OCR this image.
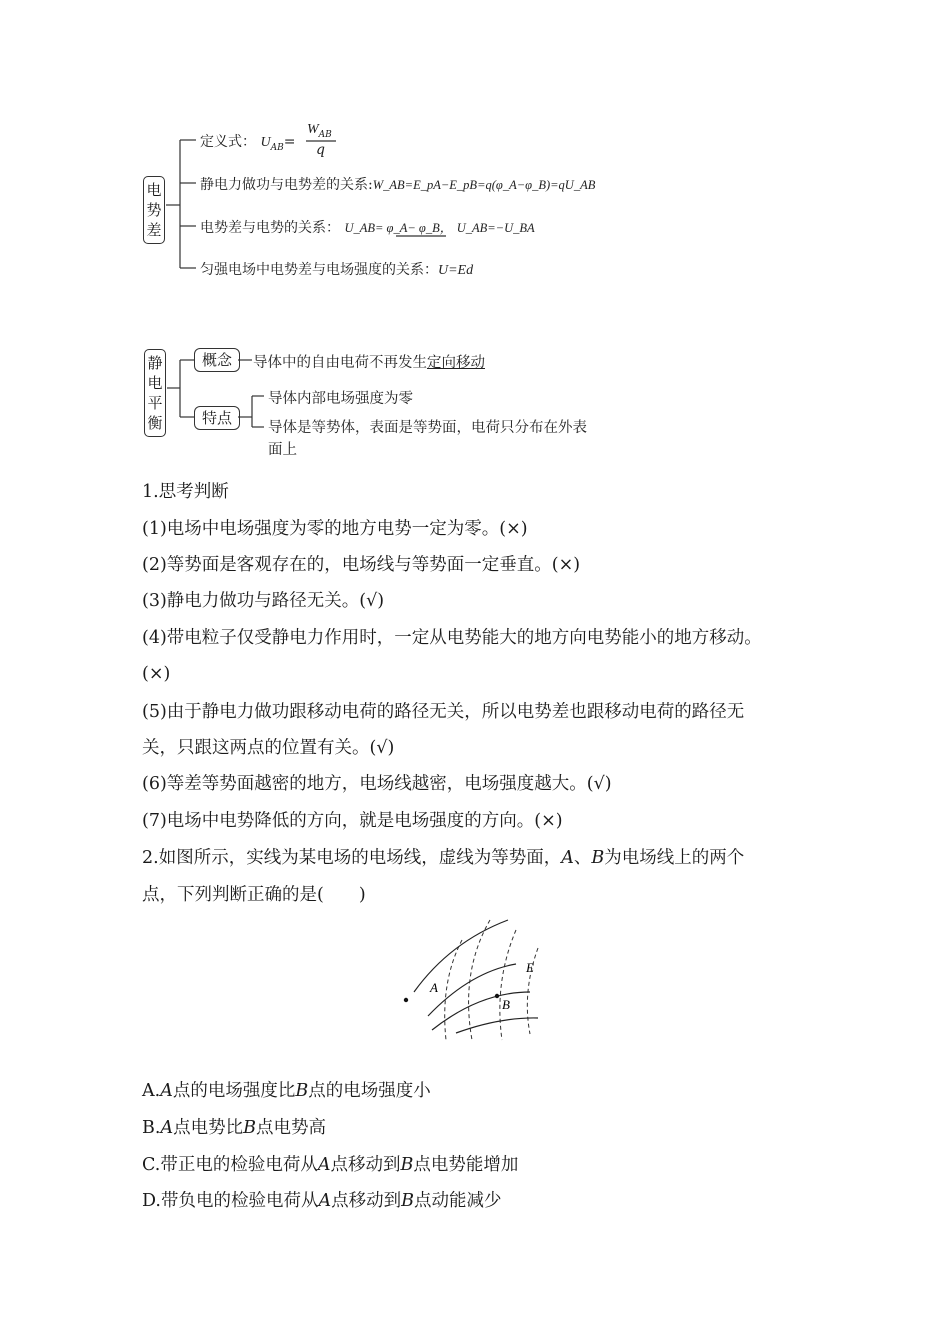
电势差
定义式： $U_{AB}=$
$W_{AB}$
q
静电力做功与电势差的关系:W_AB=E_pA−E_pB=q(φ_A−φ_B)=qU_AB
电势差与电势的关系： U_AB= φ_A− φ_B， U_AB=−U_BA
匀强电场中电势差与电场强度的关系：U=Ed
静电平衡
概念	导体中的自由电荷不再发生定向移动
特点
导体内部电场强度为零
导体是等势体，表面是等势面，电荷只分布在外表
面上
1.思考判断
(1)电场中电场强度为零的地方电势一定为零。(×)
(2)等势面是客观存在的，电场线与等势面一定垂直。(×)
(3)静电力做功与路径无关。(√)
(4)带电粒子仅受静电力作用时，一定从电势能大的地方向电势能小的地方移动。
(×)
(5)由于静电力做功跟移动电荷的路径无关，所以电势差也跟移动电荷的路径无
关，只跟这两点的位置有关。(√)
(6)等差等势面越密的地方，电场线越密，电场强度越大。(√)
(7)电场中电势降低的方向，就是电场强度的方向。(×)
2.如图所示，实线为某电场的电场线，虚线为等势面，A、B为电场线上的两个
点，下列判断正确的是(　　)
A
B
E
A.A点的电场强度比B点的电场强度小
B.A点电势比B点电势高
C.带正电的检验电荷从A点移动到B点电势能增加
D.带负电的检验电荷从A点移动到B点动能减少
